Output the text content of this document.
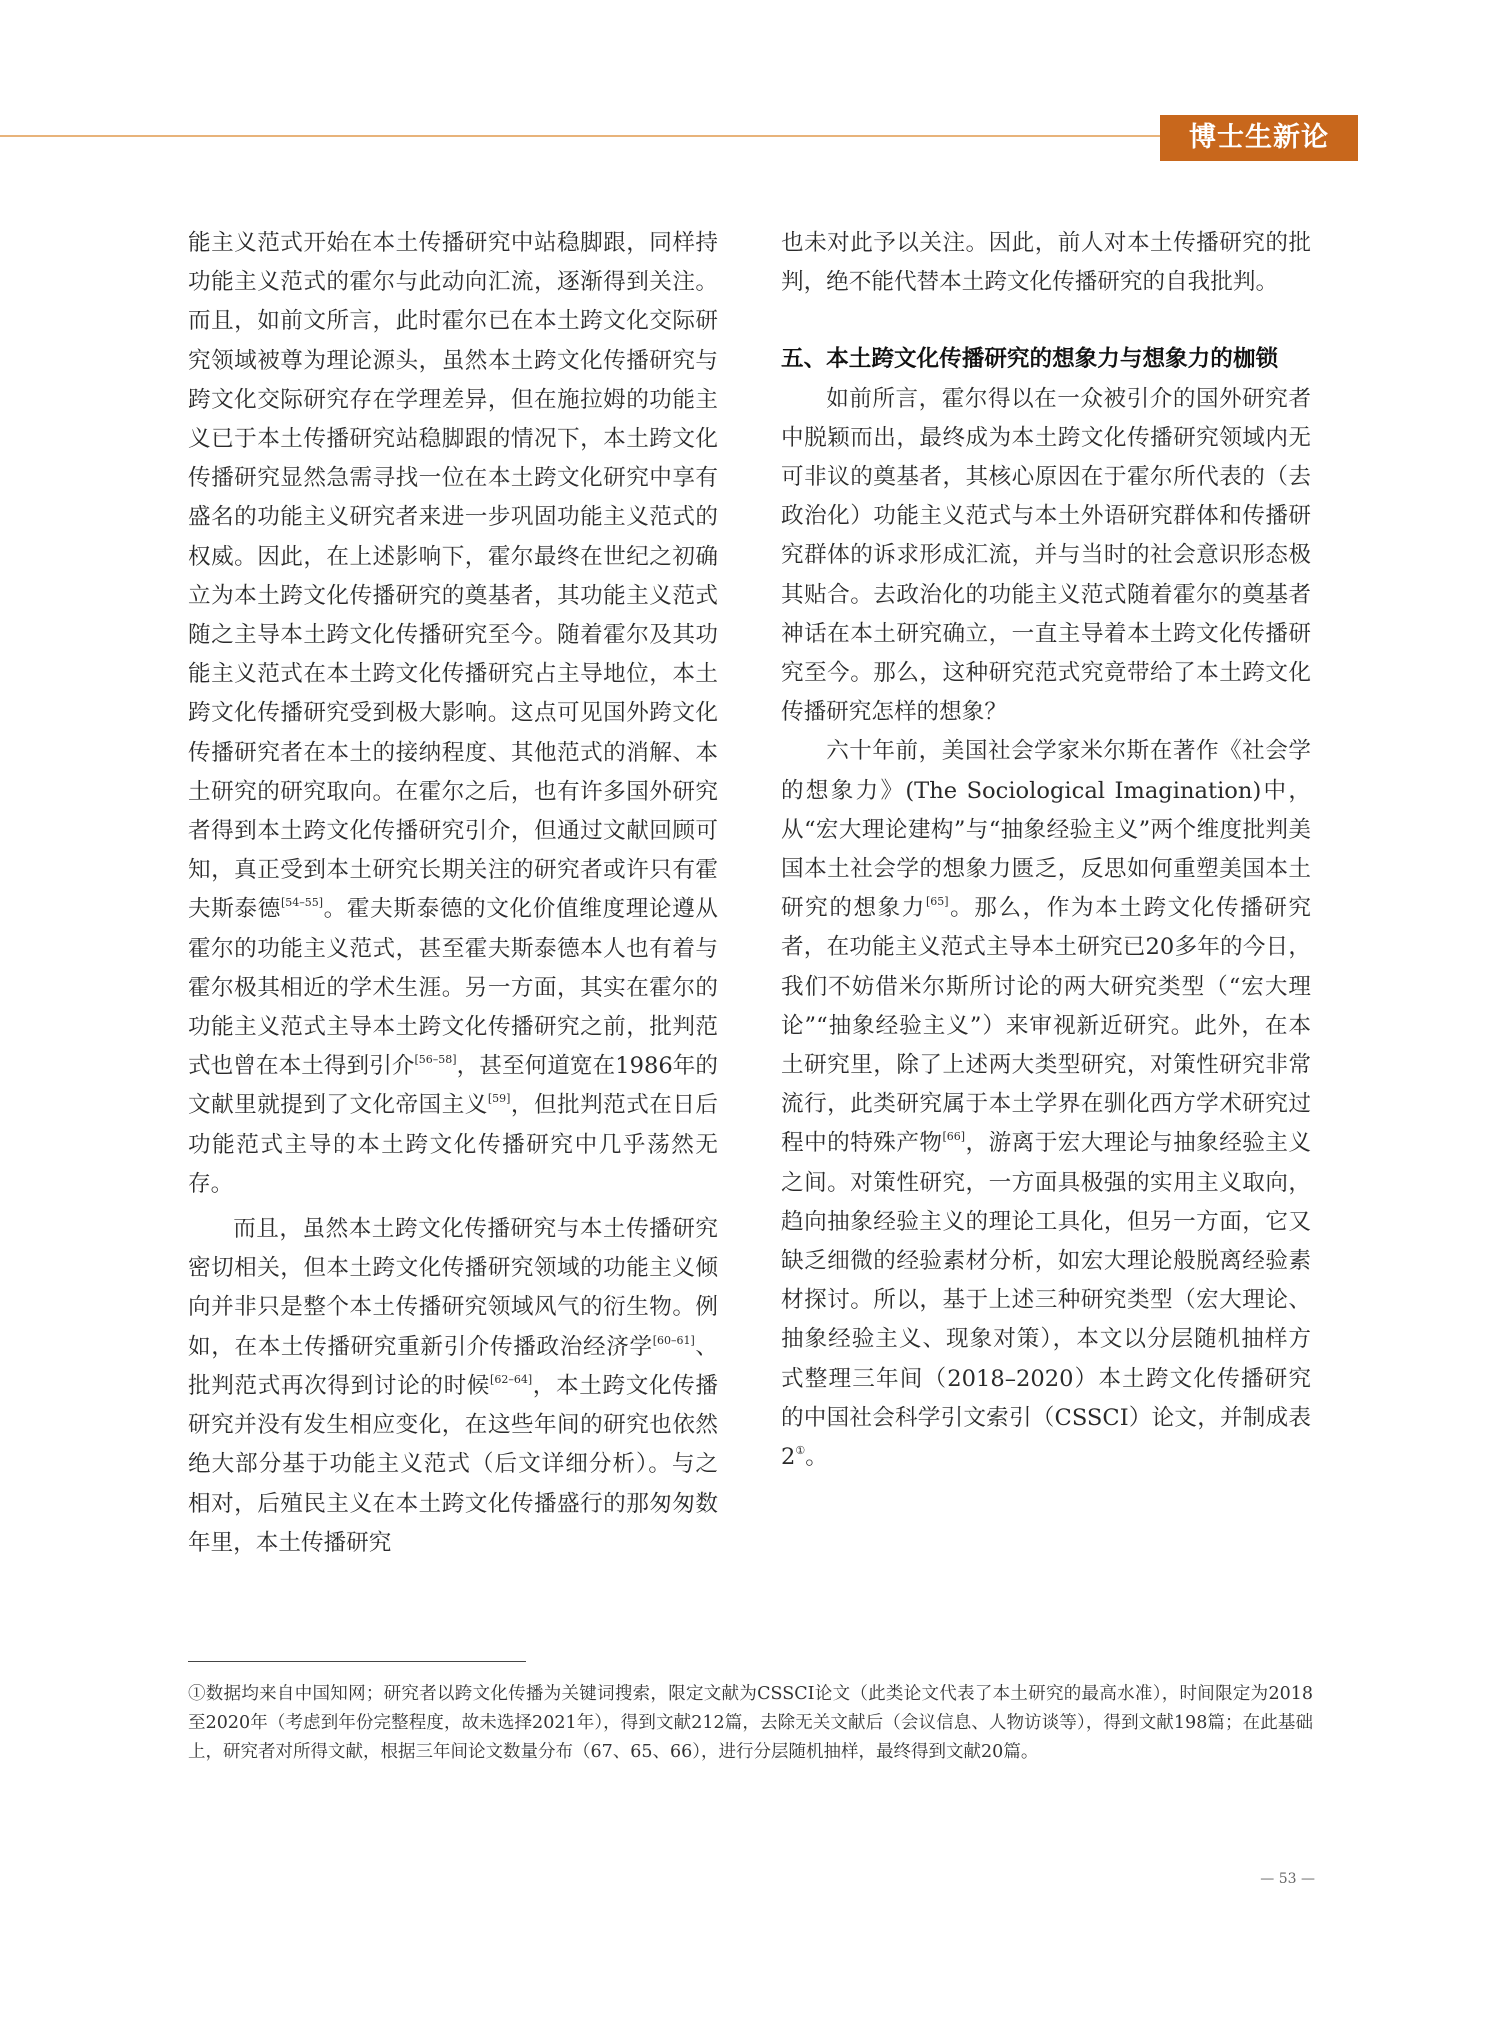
博士生新论

能主义范式开始在本土传播研究中站稳脚跟，同样持功能主义范式的霍尔与此动向汇流，逐渐得到关注。而且，如前文所言，此时霍尔已在本土跨文化交际研究领域被尊为理论源头，虽然本土跨文化传播研究与跨文化交际研究存在学理差异，但在施拉姆的功能主义已于本土传播研究站稳脚跟的情况下，本土跨文化传播研究显然急需寻找一位在本土跨文化研究中享有盛名的功能主义研究者来进一步巩固功能主义范式的权威。因此，在上述影响下，霍尔最终在世纪之初确立为本土跨文化传播研究的奠基者，其功能主义范式随之主导本土跨文化传播研究至今。随着霍尔及其功能主义范式在本土跨文化传播研究占主导地位，本土跨文化传播研究受到极大影响。这点可见国外跨文化传播研究者在本土的接纳程度、其他范式的消解、本土研究的研究取向。在霍尔之后，也有许多国外研究者得到本土跨文化传播研究引介，但通过文献回顾可知，真正受到本土研究长期关注的研究者或许只有霍夫斯泰德[54–55]。霍夫斯泰德的文化价值维度理论遵从霍尔的功能主义范式，甚至霍夫斯泰德本人也有着与霍尔极其相近的学术生涯。另一方面，其实在霍尔的功能主义范式主导本土跨文化传播研究之前，批判范式也曾在本土得到引介[56–58]，甚至何道宽在1986年的文献里就提到了文化帝国主义[59]，但批判范式在日后功能范式主导的本土跨文化传播研究中几乎荡然无存。

而且，虽然本土跨文化传播研究与本土传播研究密切相关，但本土跨文化传播研究领域的功能主义倾向并非只是整个本土传播研究领域风气的衍生物。例如，在本土传播研究重新引介传播政治经济学[60–61]、批判范式再次得到讨论的时候[62–64]，本土跨文化传播研究并没有发生相应变化，在这些年间的研究也依然绝大部分基于功能主义范式（后文详细分析）。与之相对，后殖民主义在本土跨文化传播盛行的那匆匆数年里，本土传播研究

也未对此予以关注。因此，前人对本土传播研究的批判，绝不能代替本土跨文化传播研究的自我批判。

五、本土跨文化传播研究的想象力与想象力的枷锁

如前所言，霍尔得以在一众被引介的国外研究者中脱颖而出，最终成为本土跨文化传播研究领域内无可非议的奠基者，其核心原因在于霍尔所代表的（去政治化）功能主义范式与本土外语研究群体和传播研究群体的诉求形成汇流，并与当时的社会意识形态极其贴合。去政治化的功能主义范式随着霍尔的奠基者神话在本土研究确立，一直主导着本土跨文化传播研究至今。那么，这种研究范式究竟带给了本土跨文化传播研究怎样的想象？

六十年前，美国社会学家米尔斯在著作《社会学的想象力》(The Sociological Imagination)中，从“宏大理论建构”与“抽象经验主义”两个维度批判美国本土社会学的想象力匮乏，反思如何重塑美国本土研究的想象力[65]。那么，作为本土跨文化传播研究者，在功能主义范式主导本土研究已20多年的今日，我们不妨借米尔斯所讨论的两大研究类型（“宏大理论”“抽象经验主义”）来审视新近研究。此外，在本土研究里，除了上述两大类型研究，对策性研究非常流行，此类研究属于本土学界在驯化西方学术研究过程中的特殊产物[66]，游离于宏大理论与抽象经验主义之间。对策性研究，一方面具极强的实用主义取向，趋向抽象经验主义的理论工具化，但另一方面，它又缺乏细微的经验素材分析，如宏大理论般脱离经验素材探讨。所以，基于上述三种研究类型（宏大理论、抽象经验主义、现象对策），本文以分层随机抽样方式整理三年间（2018–2020）本土跨文化传播研究的中国社会科学引文索引（CSSCI）论文，并制成表2①。

①数据均来自中国知网；研究者以跨文化传播为关键词搜索，限定文献为CSSCI论文（此类论文代表了本土研究的最高水准），时间限定为2018至2020年（考虑到年份完整程度，故未选择2021年），得到文献212篇，去除无关文献后（会议信息、人物访谈等），得到文献198篇；在此基础上，研究者对所得文献，根据三年间论文数量分布（67、65、66），进行分层随机抽样，最终得到文献20篇。

— 53 —
